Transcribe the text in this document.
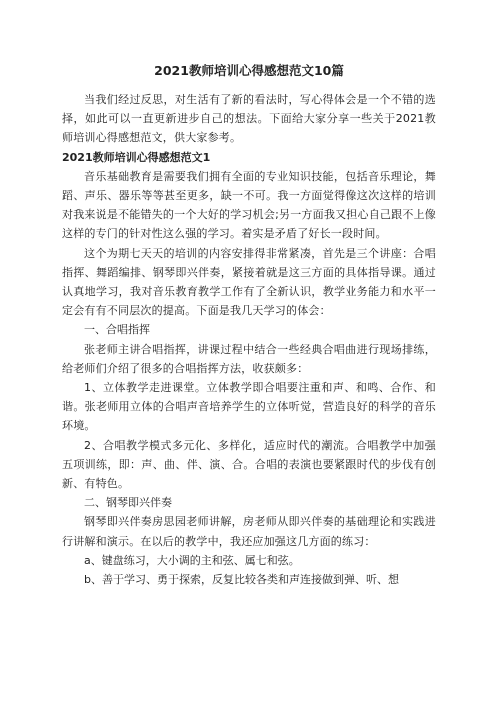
2021教师培训心得感想范文10篇

当我们经过反思，对生活有了新的看法时，写心得体会是一个不错的选择，如此可以一直更新进步自己的想法。下面给大家分享一些关于2021教师培训心得感想范文，供大家参考。

2021教师培训心得感想范文1

音乐基础教育是需要我们拥有全面的专业知识技能，包括音乐理论，舞蹈、声乐、器乐等等甚至更多，缺一不可。我一方面觉得像这次这样的培训对我来说是不能错失的一个大好的学习机会;另一方面我又担心自己跟不上像这样的专门的针对性这么强的学习。着实是矛盾了好长一段时间。

这个为期七天天的培训的内容安排得非常紧凑，首先是三个讲座：合唱指挥、舞蹈编排、钢琴即兴伴奏，紧接着就是这三方面的具体指导课。通过认真地学习，我对音乐教育教学工作有了全新认识，教学业务能力和水平一定会有有不同层次的提高。下面是我几天学习的体会：

一、合唱指挥

张老师主讲合唱指挥，讲课过程中结合一些经典合唱曲进行现场排练，给老师们介绍了很多的合唱指挥方法，收获颇多：

1、立体教学走进课堂。立体教学即合唱要注重和声、和鸣、合作、和谐。张老师用立体的合唱声音培养学生的立体听觉，营造良好的科学的音乐环境。

2、合唱教学模式多元化、多样化，适应时代的潮流。合唱教学中加强五项训练，即：声、曲、伴、演、合。合唱的表演也要紧跟时代的步伐有创新、有特色。

二、钢琴即兴伴奏

钢琴即兴伴奏房思园老师讲解，房老师从即兴伴奏的基础理论和实践进行讲解和演示。在以后的教学中，我还应加强这几方面的练习：

a、键盘练习，大小调的主和弦、属七和弦。

b、善于学习、勇于探索，反复比较各类和声连接做到弹、听、想
